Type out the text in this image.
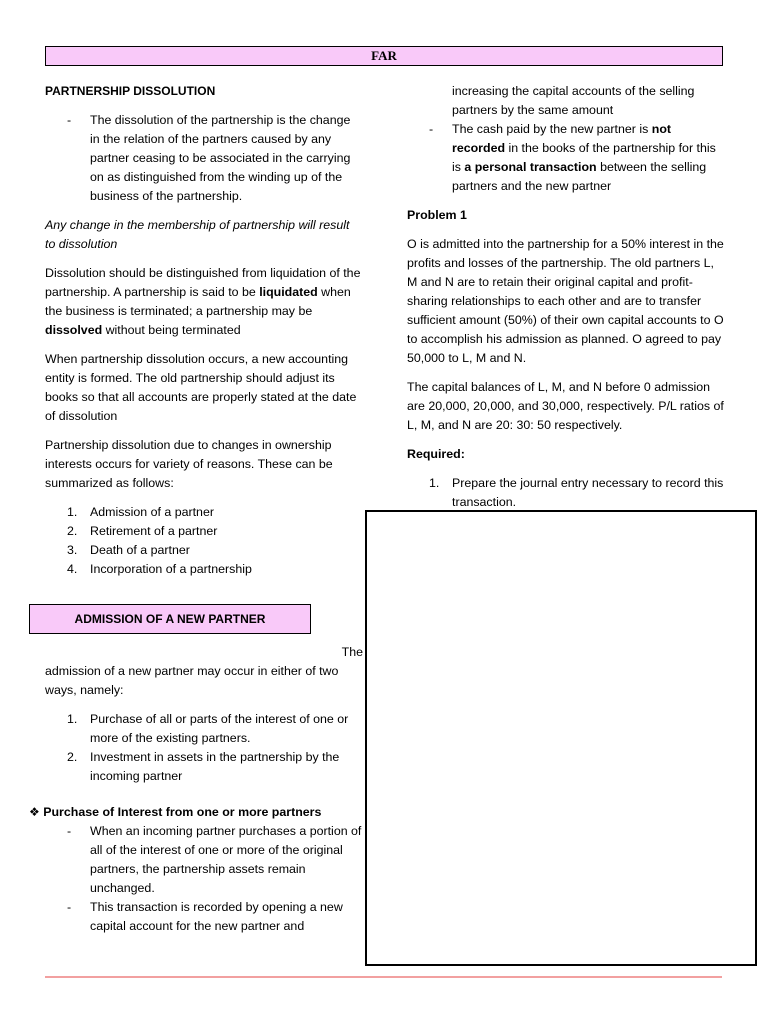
FAR

PARTNERSHIP DISSOLUTION

- The dissolution of the partnership is the change in the relation of the partners caused by any partner ceasing to be associated in the carrying on as distinguished from the winding up of the business of the partnership.

Any change in the membership of partnership will result to dissolution

Dissolution should be distinguished from liquidation of the partnership. A partnership is said to be liquidated when the business is terminated; a partnership may be dissolved without being terminated

When partnership dissolution occurs, a new accounting entity is formed. The old partnership should adjust its books so that all accounts are properly stated at the date of dissolution

Partnership dissolution due to changes in ownership interests occurs for variety of reasons. These can be summarized as follows:

1. Admission of a partner
2. Retirement of a partner
3. Death of a partner
4. Incorporation of a partnership
ADMISSION OF A NEW PARTNER

The

admission of a new partner may occur in either of two ways, namely:

1. Purchase of all or parts of the interest of one or more of the existing partners.
2. Investment in assets in the partnership by the incoming partner
❖ Purchase of Interest from one or more partners
- When an incoming partner purchases a portion of all of the interest of one or more of the original partners, the partnership assets remain unchanged.
- This transaction is recorded by opening a new capital account for the new partner and

increasing the capital accounts of the selling partners by the same amount

- The cash paid by the new partner is not recorded in the books of the partnership for this is a personal transaction between the selling partners and the new partner

Problem 1

O is admitted into the partnership for a 50% interest in the profits and losses of the partnership. The old partners L, M and N are to retain their original capital and profit-sharing relationships to each other and are to transfer sufficient amount (50%) of their own capital accounts to O to accomplish his admission as planned. O agreed to pay 50,000 to L, M and N.

The capital balances of L, M, and N before 0 admission are 20,000, 20,000, and 30,000, respectively. P/L ratios of L, M, and N are 20: 30: 50 respectively.

Required:

1. Prepare the journal entry necessary to record this transaction.
